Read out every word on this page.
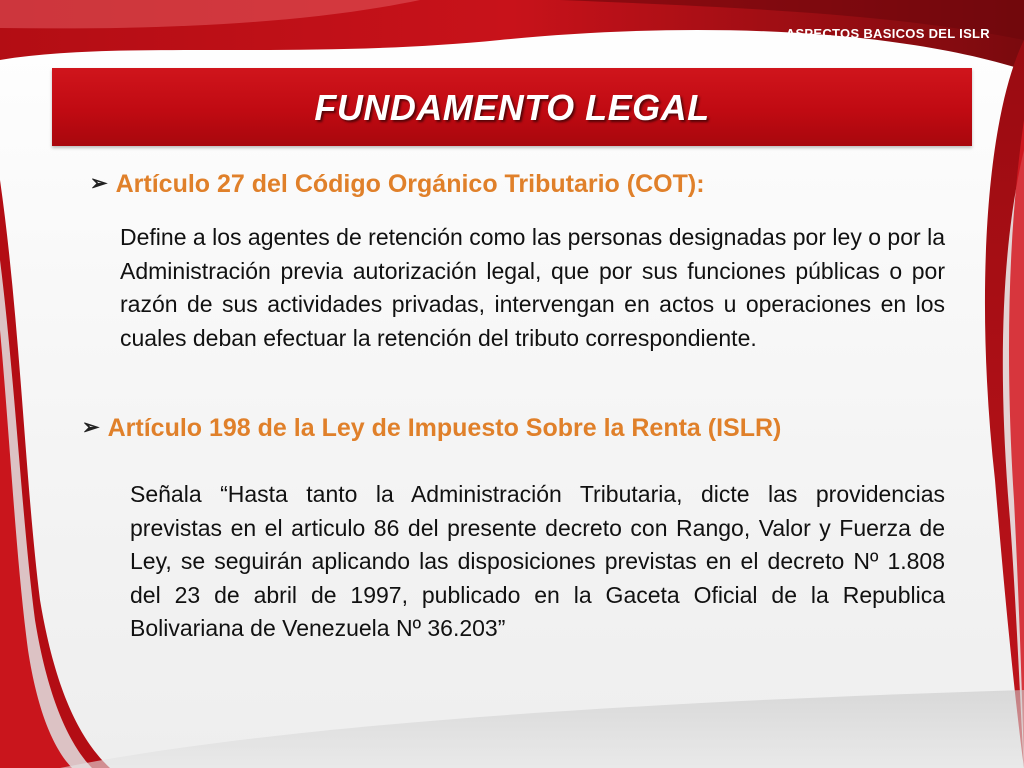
ASPECTOS BASICOS DEL ISLR
FUNDAMENTO LEGAL
➢ Artículo 27 del Código Orgánico Tributario (COT):
Define a los agentes de retención como las personas designadas por ley o por la Administración previa autorización legal, que por sus funciones públicas o por razón de sus actividades privadas, intervengan en actos u operaciones en los cuales deban efectuar la retención del tributo correspondiente.
➢ Artículo 198 de la Ley de Impuesto Sobre la Renta (ISLR)
Señala “Hasta tanto la Administración Tributaria, dicte las providencias previstas en el articulo 86 del presente decreto con Rango, Valor y Fuerza de Ley, se seguirán aplicando las disposiciones previstas en el decreto Nº 1.808 del 23 de abril de 1997, publicado en la Gaceta Oficial de la Republica Bolivariana de Venezuela Nº 36.203”
